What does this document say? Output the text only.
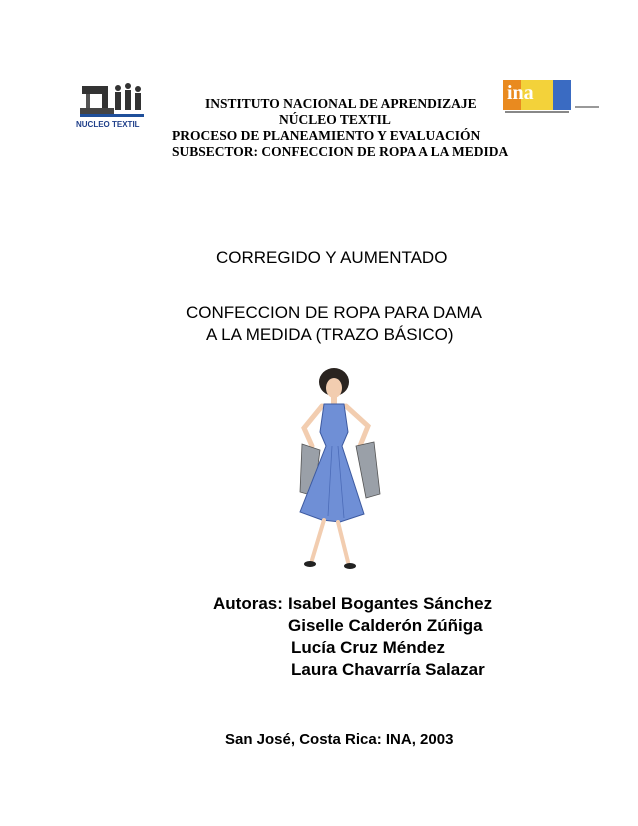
NUCLEO TEXTIL
ina
INSTITUTO NACIONAL DE APRENDIZAJE
NÚCLEO TEXTIL
PROCESO DE PLANEAMIENTO Y EVALUACIÓN
SUBSECTOR: CONFECCION DE ROPA A LA MEDIDA
CORREGIDO Y AUMENTADO
CONFECCION DE ROPA PARA DAMA
A LA MEDIDA (TRAZO BÁSICO)
Autoras: Isabel Bogantes Sánchez
Giselle Calderón Zúñiga
Lucía Cruz Méndez
Laura Chavarría Salazar
San José, Costa Rica: INA, 2003
